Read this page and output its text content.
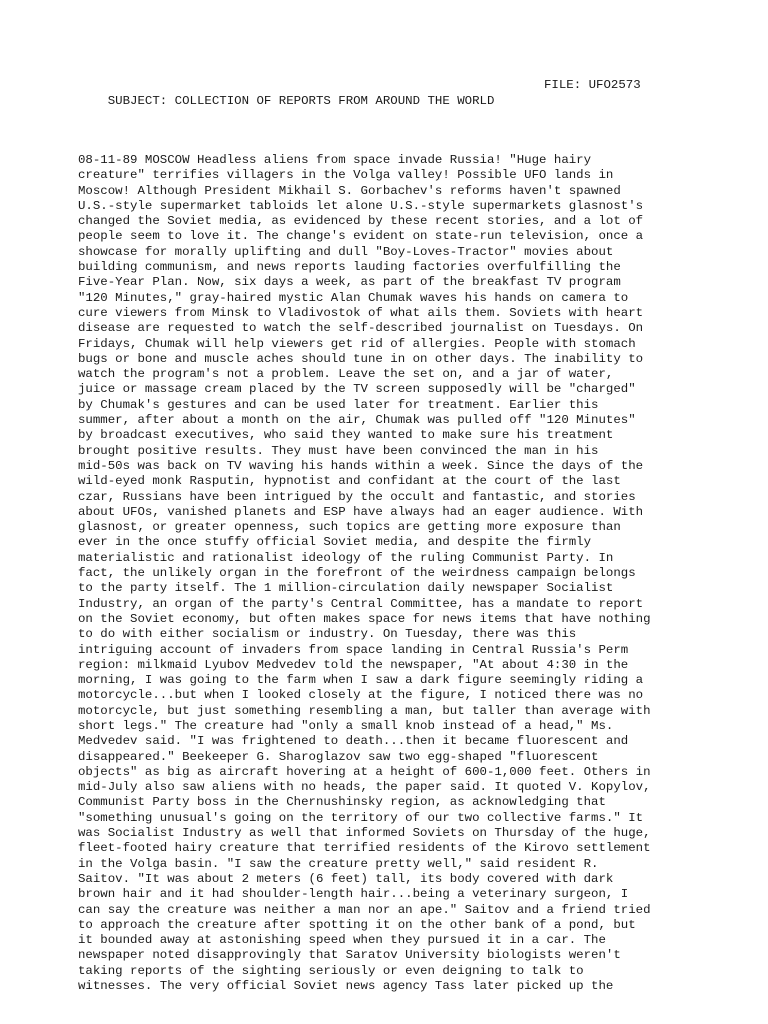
SUBJECT: COLLECTION OF REPORTS FROM AROUND THE WORLD

FILE: UFO2573

08-11-89 MOSCOW Headless aliens from space invade Russia! "Huge hairy
creature" terrifies villagers in the Volga valley! Possible UFO lands in
Moscow! Although President Mikhail S. Gorbachev's reforms haven't spawned
U.S.-style supermarket tabloids let alone U.S.-style supermarkets glasnost's
changed the Soviet media, as evidenced by these recent stories, and a lot of
people seem to love it. The change's evident on state-run television, once a
showcase for morally uplifting and dull "Boy-Loves-Tractor" movies about
building communism, and news reports lauding factories overfulfilling the
Five-Year Plan. Now, six days a week, as part of the breakfast TV program
"120 Minutes," gray-haired mystic Alan Chumak waves his hands on camera to
cure viewers from Minsk to Vladivostok of what ails them. Soviets with heart
disease are requested to watch the self-described journalist on Tuesdays. On
Fridays, Chumak will help viewers get rid of allergies. People with stomach
bugs or bone and muscle aches should tune in on other days. The inability to
watch the program's not a problem. Leave the set on, and a jar of water,
juice or massage cream placed by the TV screen supposedly will be "charged"
by Chumak's gestures and can be used later for treatment. Earlier this
summer, after about a month on the air, Chumak was pulled off "120 Minutes"
by broadcast executives, who said they wanted to make sure his treatment
brought positive results. They must have been convinced the man in his
mid-50s was back on TV waving his hands within a week. Since the days of the
wild-eyed monk Rasputin, hypnotist and confidant at the court of the last
czar, Russians have been intrigued by the occult and fantastic, and stories
about UFOs, vanished planets and ESP have always had an eager audience. With
glasnost, or greater openness, such topics are getting more exposure than
ever in the once stuffy official Soviet media, and despite the firmly
materialistic and rationalist ideology of the ruling Communist Party. In
fact, the unlikely organ in the forefront of the weirdness campaign belongs
to the party itself. The 1 million-circulation daily newspaper Socialist
Industry, an organ of the party's Central Committee, has a mandate to report
on the Soviet economy, but often makes space for news items that have nothing
to do with either socialism or industry. On Tuesday, there was this
intriguing account of invaders from space landing in Central Russia's Perm
region: milkmaid Lyubov Medvedev told the newspaper, "At about 4:30 in the
morning, I was going to the farm when I saw a dark figure seemingly riding a
motorcycle...but when I looked closely at the figure, I noticed there was no
motorcycle, but just something resembling a man, but taller than average with
short legs." The creature had "only a small knob instead of a head," Ms.
Medvedev said. "I was frightened to death...then it became fluorescent and
disappeared." Beekeeper G. Sharoglazov saw two egg-shaped "fluorescent
objects" as big as aircraft hovering at a height of 600-1,000 feet. Others in
mid-July also saw aliens with no heads, the paper said. It quoted V. Kopylov,
Communist Party boss in the Chernushinsky region, as acknowledging that
"something unusual's going on the territory of our two collective farms." It
was Socialist Industry as well that informed Soviets on Thursday of the huge,
fleet-footed hairy creature that terrified residents of the Kirovo settlement
in the Volga basin. "I saw the creature pretty well," said resident R.
Saitov. "It was about 2 meters (6 feet) tall, its body covered with dark
brown hair and it had shoulder-length hair...being a veterinary surgeon, I
can say the creature was neither a man nor an ape." Saitov and a friend tried
to approach the creature after spotting it on the other bank of a pond, but
it bounded away at astonishing speed when they pursued it in a car. The
newspaper noted disapprovingly that Saratov University biologists weren't
taking reports of the sighting seriously or even deigning to talk to
witnesses. The very official Soviet news agency Tass later picked up the
